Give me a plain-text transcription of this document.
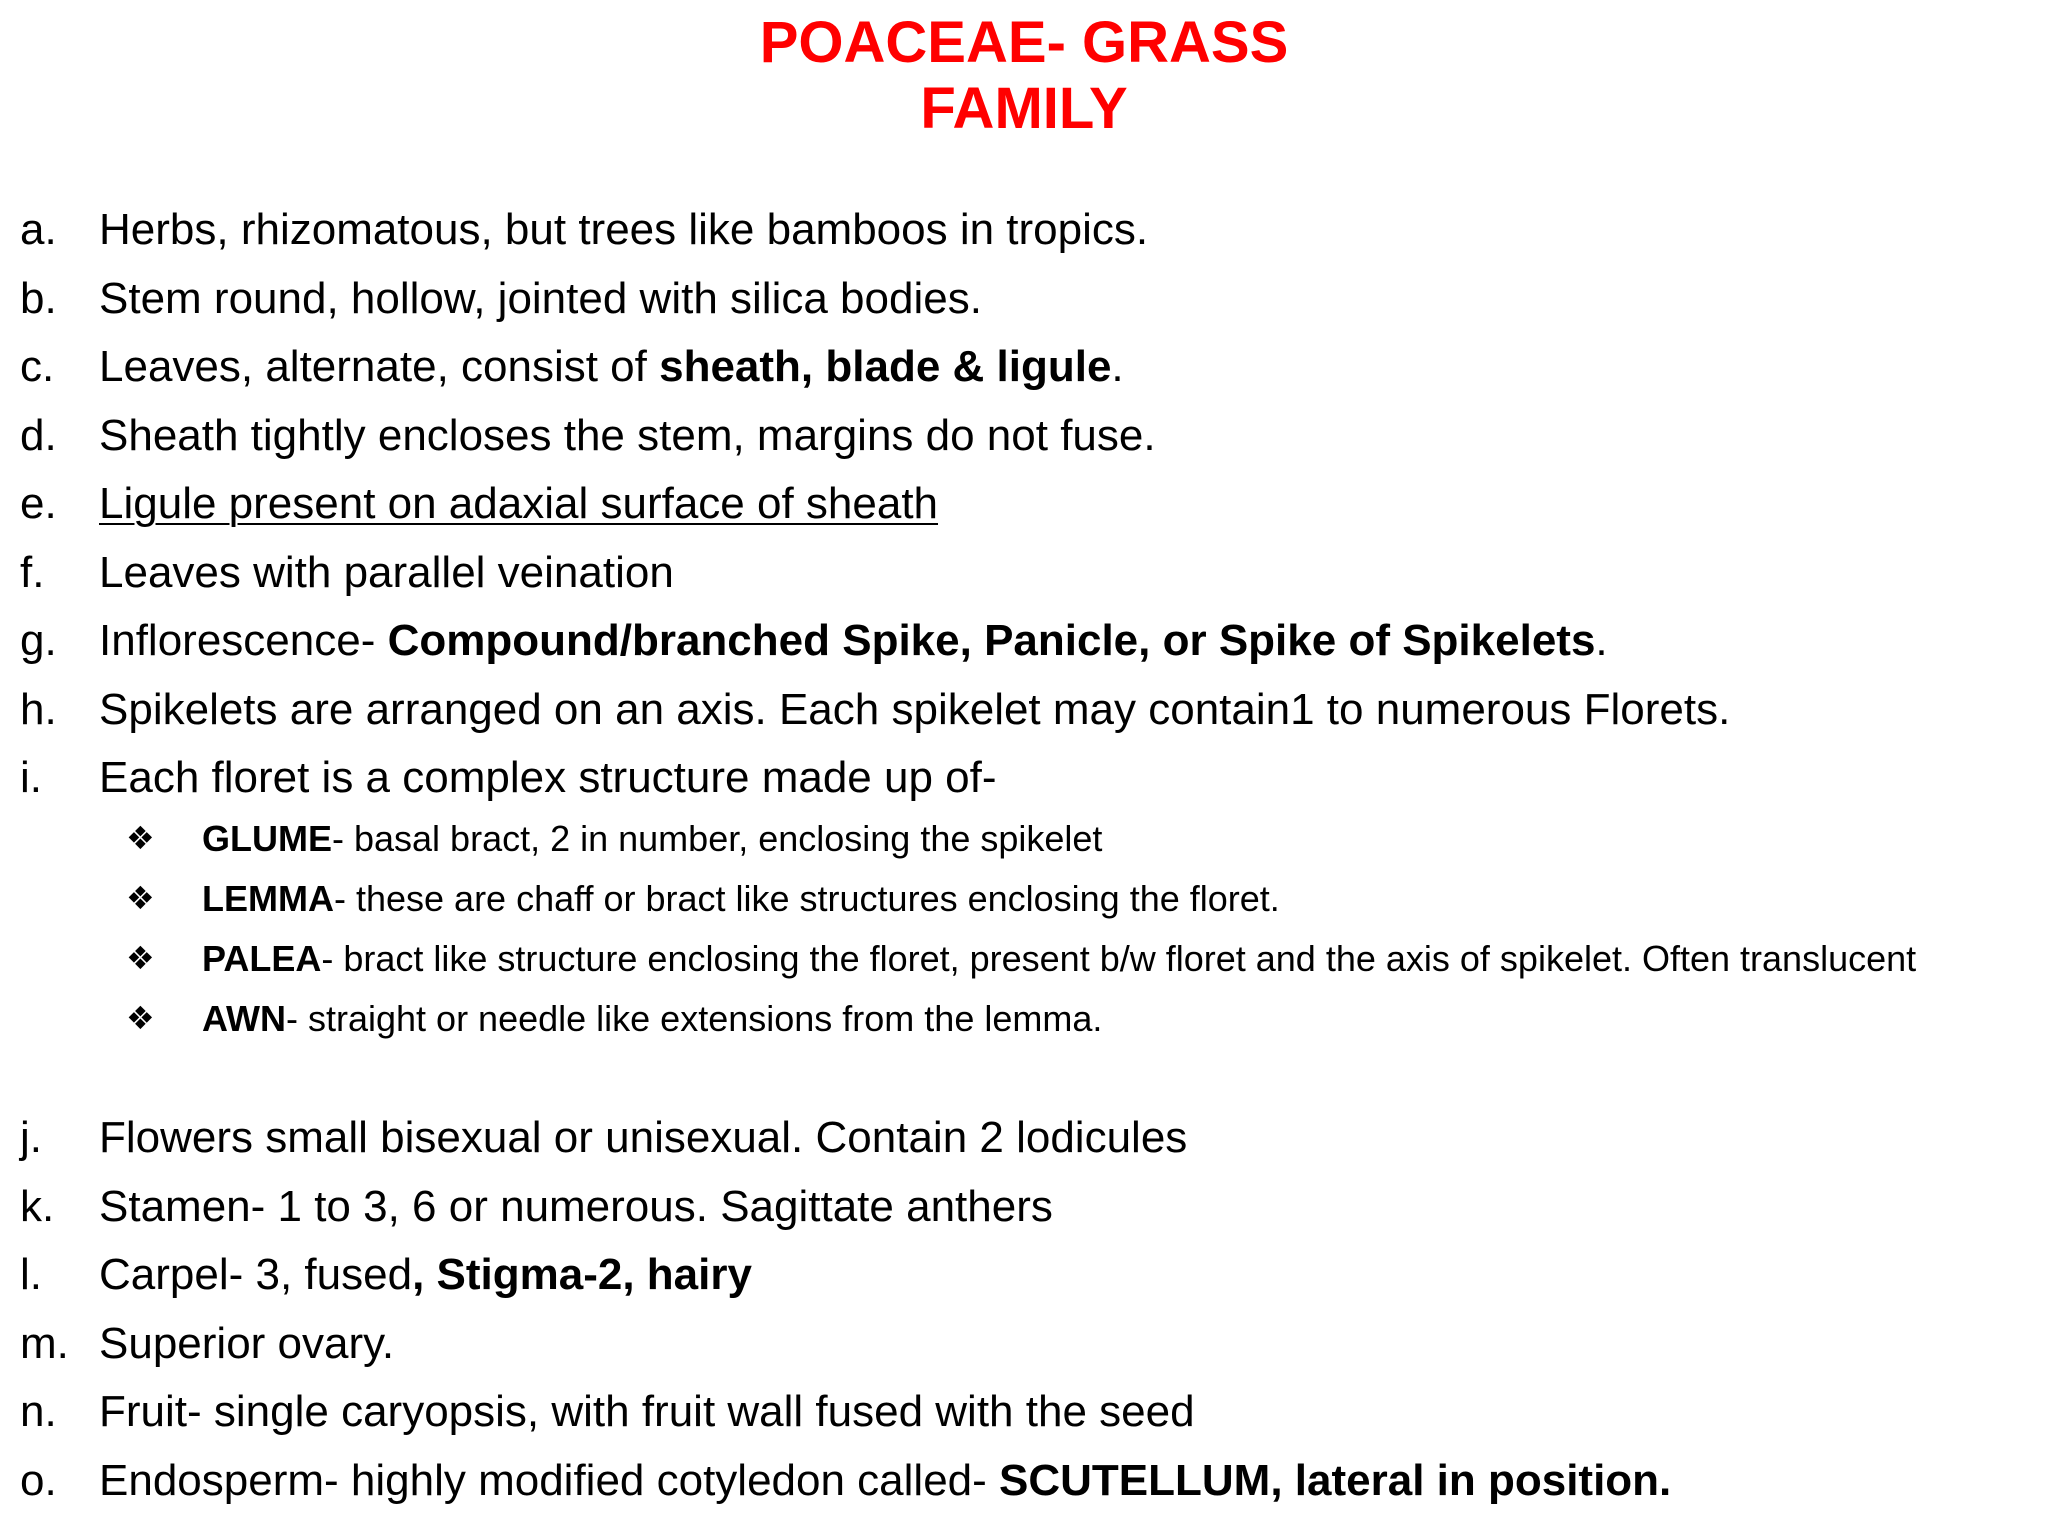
POACEAE- GRASS
FAMILY
a. Herbs, rhizomatous, but trees like bamboos in tropics.
b. Stem round, hollow, jointed with silica bodies.
c. Leaves, alternate, consist of sheath, blade & ligule.
d. Sheath tightly encloses the stem, margins do not fuse.
e. Ligule present on adaxial surface of sheath
f. Leaves with parallel veination
g. Inflorescence- Compound/branched Spike, Panicle, or Spike of Spikelets.
h. Spikelets are arranged on an axis. Each spikelet may contain1 to numerous Florets.
i. Each floret is a complex structure made up of-
❖ GLUME- basal bract, 2 in number, enclosing the spikelet
❖ LEMMA- these are chaff or bract like structures enclosing the floret.
❖ PALEA- bract like structure enclosing the floret, present b/w floret and the axis of spikelet. Often translucent
❖ AWN- straight or needle like extensions from the lemma.
j. Flowers small bisexual or unisexual. Contain 2 lodicules
k. Stamen- 1 to 3, 6 or numerous. Sagittate anthers
l. Carpel- 3, fused, Stigma-2, hairy
m. Superior ovary.
n. Fruit- single caryopsis, with fruit wall fused with the seed
o. Endosperm- highly modified cotyledon called- SCUTELLUM, lateral in position.
